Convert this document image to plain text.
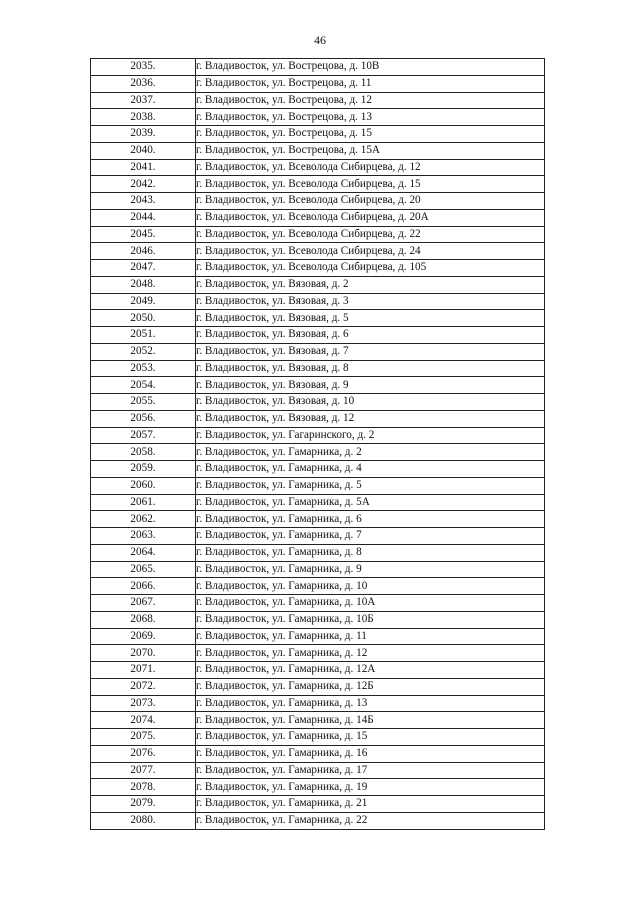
46
2035.	г. Владивосток, ул. Вострецова, д. 10В
2036.	г. Владивосток, ул. Вострецова, д. 11
2037.	г. Владивосток, ул. Вострецова, д. 12
2038.	г. Владивосток, ул. Вострецова, д. 13
2039.	г. Владивосток, ул. Вострецова, д. 15
2040.	г. Владивосток, ул. Вострецова, д. 15А
2041.	г. Владивосток, ул. Всеволода Сибирцева, д. 12
2042.	г. Владивосток, ул. Всеволода Сибирцева, д. 15
2043.	г. Владивосток, ул. Всеволода Сибирцева, д. 20
2044.	г. Владивосток, ул. Всеволода Сибирцева, д. 20А
2045.	г. Владивосток, ул. Всеволода Сибирцева, д. 22
2046.	г. Владивосток, ул. Всеволода Сибирцева, д. 24
2047.	г. Владивосток, ул. Всеволода Сибирцева, д. 105
2048.	г. Владивосток, ул. Вязовая, д. 2
2049.	г. Владивосток, ул. Вязовая, д. 3
2050.	г. Владивосток, ул. Вязовая, д. 5
2051.	г. Владивосток, ул. Вязовая, д. 6
2052.	г. Владивосток, ул. Вязовая, д. 7
2053.	г. Владивосток, ул. Вязовая, д. 8
2054.	г. Владивосток, ул. Вязовая, д. 9
2055.	г. Владивосток, ул. Вязовая, д. 10
2056.	г. Владивосток, ул. Вязовая, д. 12
2057.	г. Владивосток, ул. Гагаринского, д. 2
2058.	г. Владивосток, ул. Гамарника, д. 2
2059.	г. Владивосток, ул. Гамарника, д. 4
2060.	г. Владивосток, ул. Гамарника, д. 5
2061.	г. Владивосток, ул. Гамарника, д. 5А
2062.	г. Владивосток, ул. Гамарника, д. 6
2063.	г. Владивосток, ул. Гамарника, д. 7
2064.	г. Владивосток, ул. Гамарника, д. 8
2065.	г. Владивосток, ул. Гамарника, д. 9
2066.	г. Владивосток, ул. Гамарника, д. 10
2067.	г. Владивосток, ул. Гамарника, д. 10А
2068.	г. Владивосток, ул. Гамарника, д. 10Б
2069.	г. Владивосток, ул. Гамарника, д. 11
2070.	г. Владивосток, ул. Гамарника, д. 12
2071.	г. Владивосток, ул. Гамарника, д. 12А
2072.	г. Владивосток, ул. Гамарника, д. 12Б
2073.	г. Владивосток, ул. Гамарника, д. 13
2074.	г. Владивосток, ул. Гамарника, д. 14Б
2075.	г. Владивосток, ул. Гамарника, д. 15
2076.	г. Владивосток, ул. Гамарника, д. 16
2077.	г. Владивосток, ул. Гамарника, д. 17
2078.	г. Владивосток, ул. Гамарника, д. 19
2079.	г. Владивосток, ул. Гамарника, д. 21
2080.	г. Владивосток, ул. Гамарника, д. 22
